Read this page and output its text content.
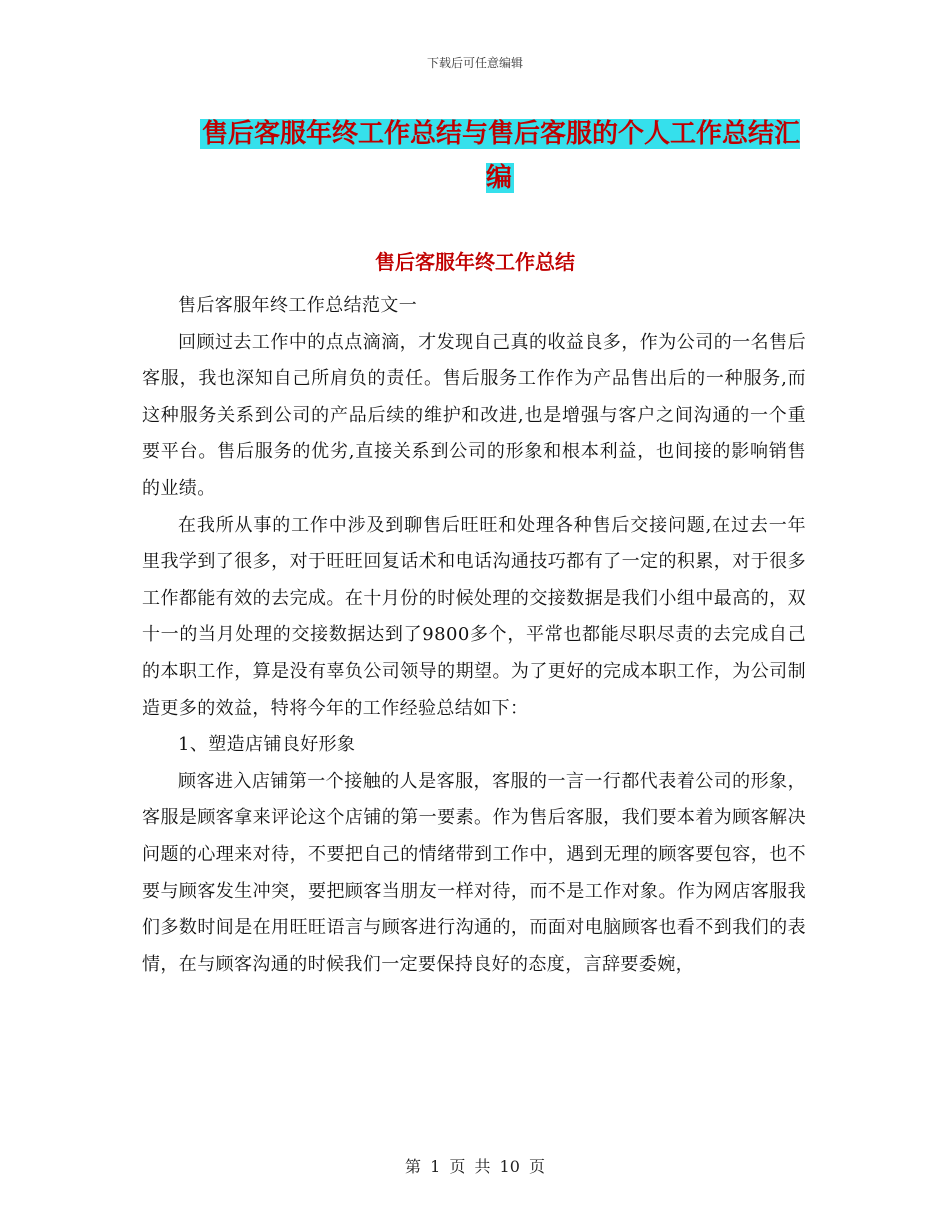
下载后可任意编辑
售后客服年终工作总结与售后客服的个人工作总结汇编
售后客服年终工作总结

售后客服年终工作总结范文一

回顾过去工作中的点点滴滴，才发现自己真的收益良多，作为公司的一名售后客服，我也深知自己所肩负的责任。售后服务工作作为产品售出后的一种服务,而这种服务关系到公司的产品后续的维护和改进,也是增强与客户之间沟通的一个重要平台。售后服务的优劣,直接关系到公司的形象和根本利益，也间接的影响销售的业绩。

在我所从事的工作中涉及到聊售后旺旺和处理各种售后交接问题,在过去一年里我学到了很多，对于旺旺回复话术和电话沟通技巧都有了一定的积累，对于很多工作都能有效的去完成。在十月份的时候处理的交接数据是我们小组中最高的，双十一的当月处理的交接数据达到了9800多个，平常也都能尽职尽责的去完成自己的本职工作，算是没有辜负公司领导的期望。为了更好的完成本职工作，为公司制造更多的效益，特将今年的工作经验总结如下：

1、塑造店铺良好形象

顾客进入店铺第一个接触的人是客服，客服的一言一行都代表着公司的形象，客服是顾客拿来评论这个店铺的第一要素。作为售后客服，我们要本着为顾客解决问题的心理来对待，不要把自己的情绪带到工作中，遇到无理的顾客要包容，也不要与顾客发生冲突，要把顾客当朋友一样对待，而不是工作对象。作为网店客服我们多数时间是在用旺旺语言与顾客进行沟通的，而面对电脑顾客也看不到我们的表情，在与顾客沟通的时候我们一定要保持良好的态度，言辞要委婉，

第 1 页 共 10 页
